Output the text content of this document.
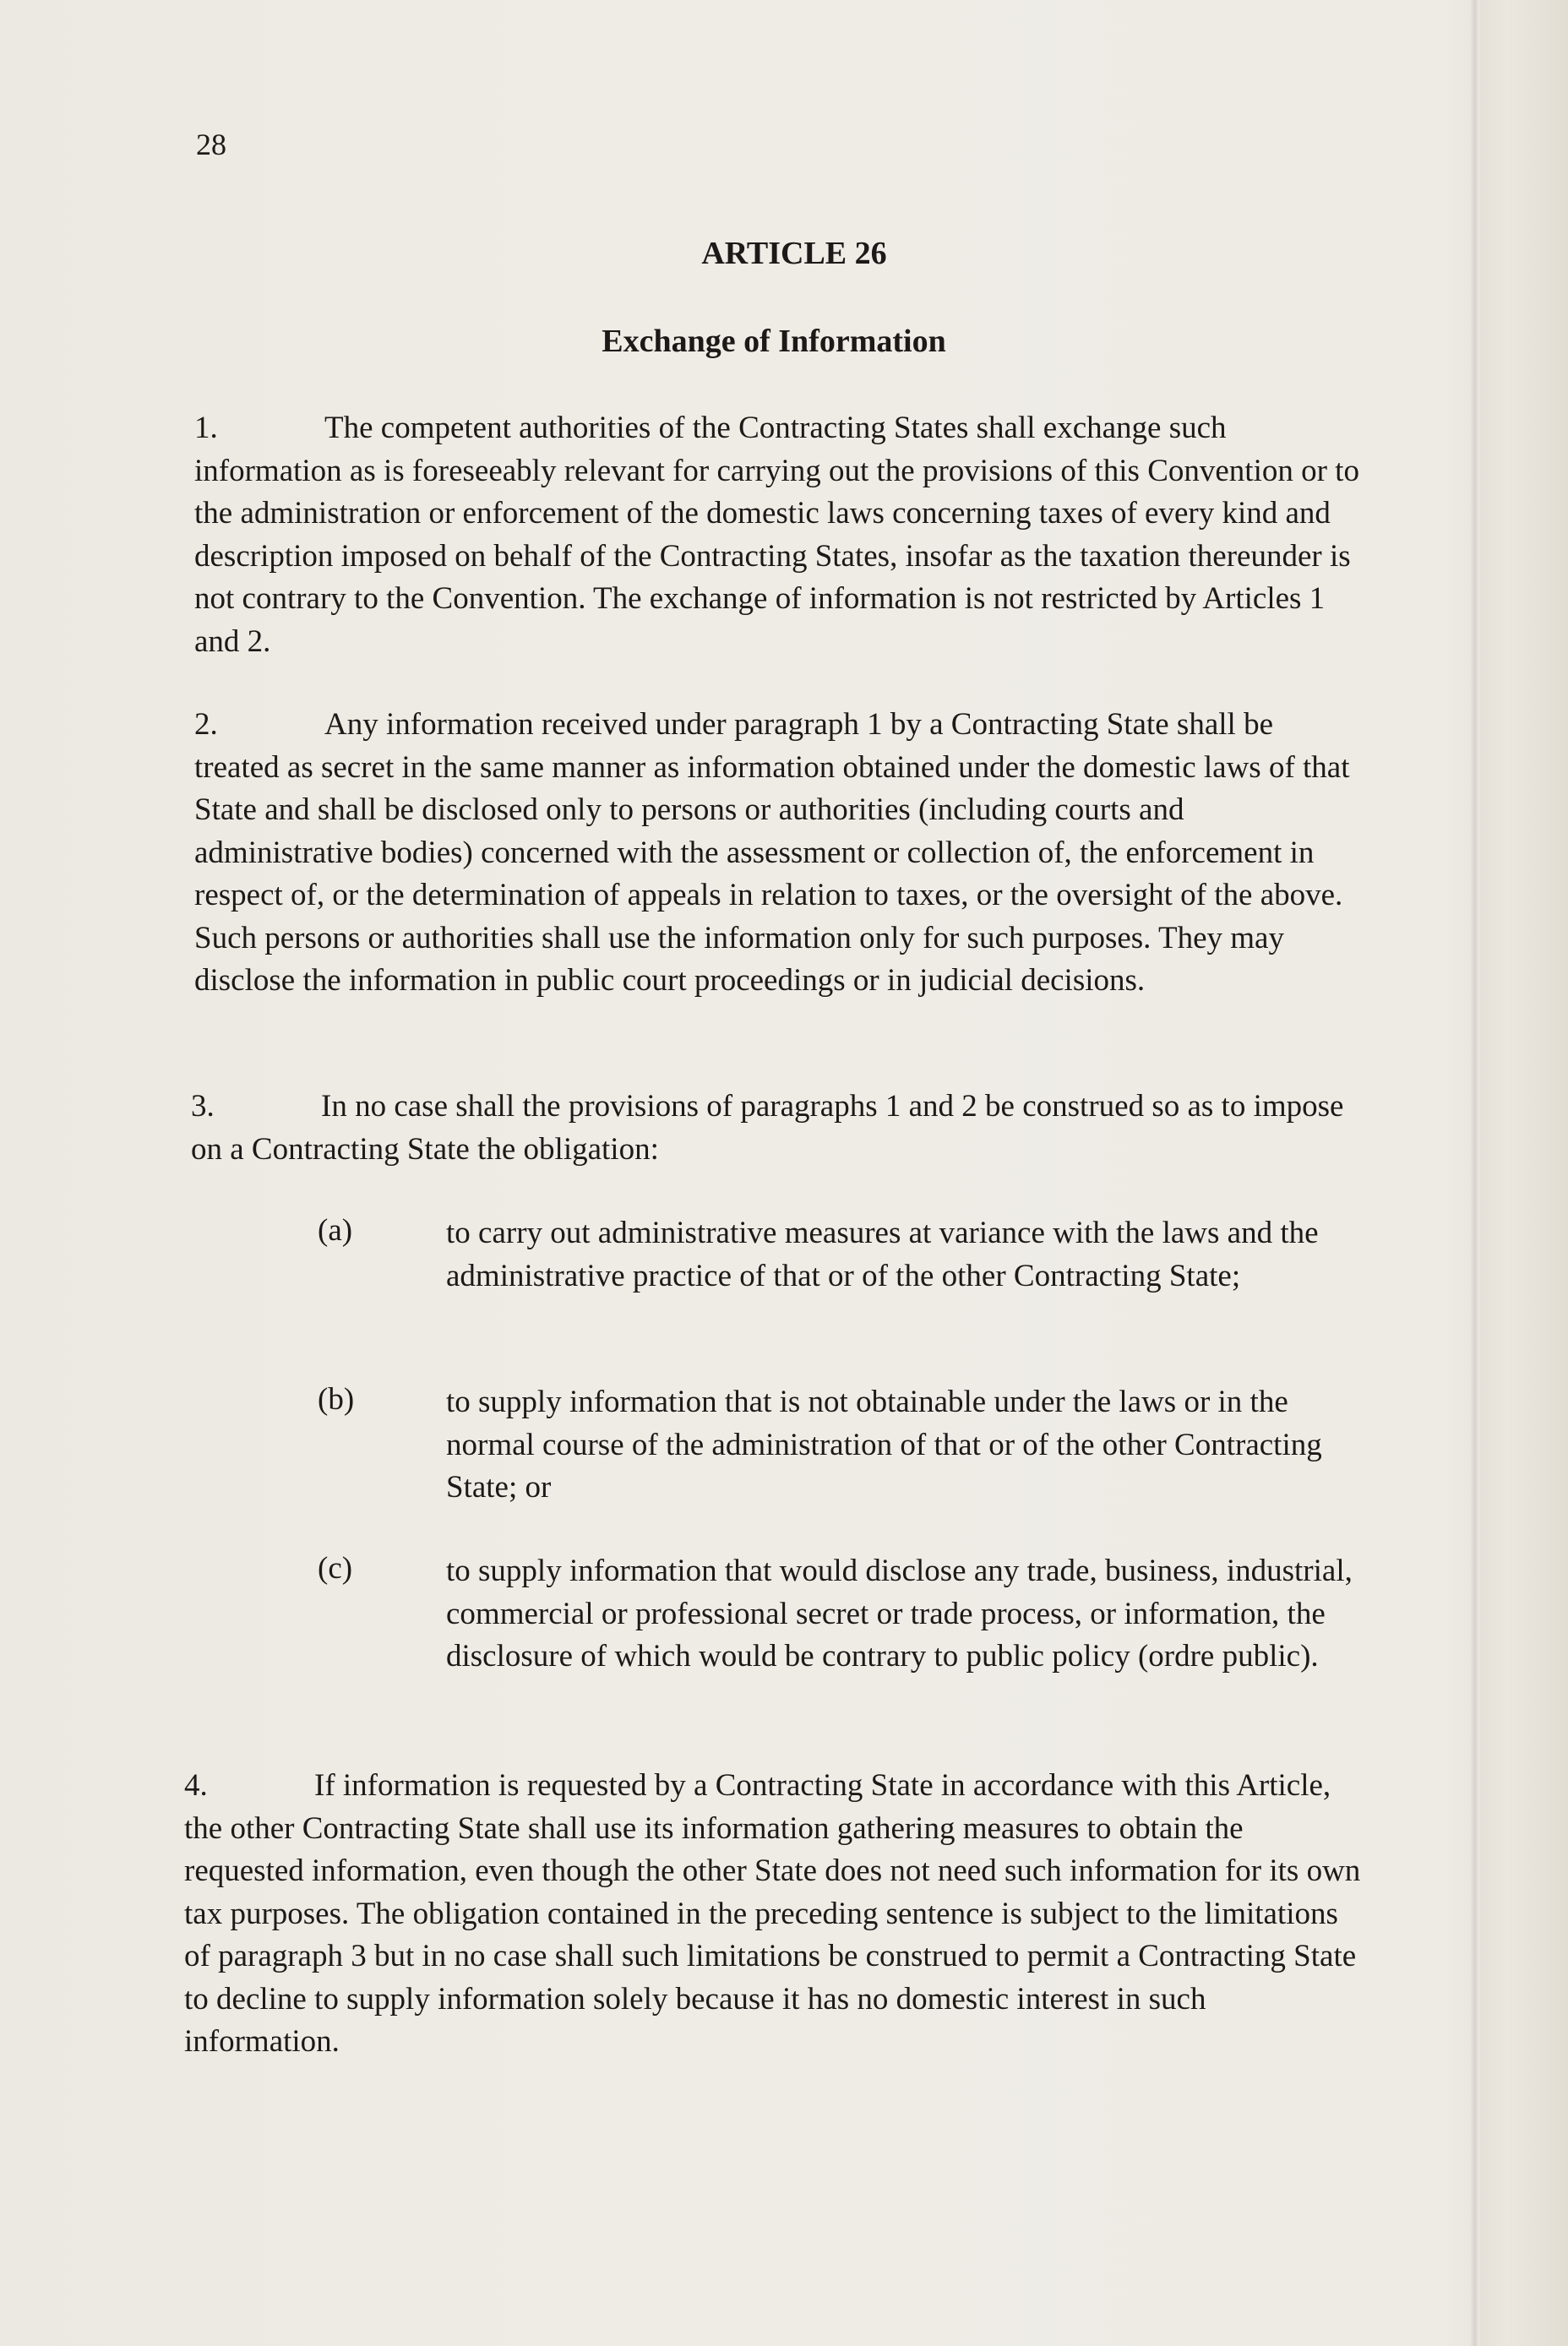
28
ARTICLE 26
Exchange of Information
1.	The competent authorities of the Contracting States shall exchange such information as is foreseeably relevant for carrying out the provisions of this Convention or to the administration or enforcement of the domestic laws concerning taxes of every kind and description imposed on behalf of the Contracting States, insofar as the taxation thereunder is not contrary to the Convention. The exchange of information is not restricted by Articles 1 and 2.
2.	Any information received under paragraph 1 by a Contracting State shall be treated as secret in the same manner as information obtained under the domestic laws of that State and shall be disclosed only to persons or authorities (including courts and administrative bodies) concerned with the assessment or collection of, the enforcement in respect of, or the determination of appeals in relation to taxes, or the oversight of the above. Such persons or authorities shall use the information only for such purposes. They may disclose the information in public court proceedings or in judicial decisions.
3.	In no case shall the provisions of paragraphs 1 and 2 be construed so as to impose on a Contracting State the obligation:
(a)	to carry out administrative measures at variance with the laws and the administrative practice of that or of the other Contracting State;
(b)	to supply information that is not obtainable under the laws or in the normal course of the administration of that or of the other Contracting State; or
(c)	to supply information that would disclose any trade, business, industrial, commercial or professional secret or trade process, or information, the disclosure of which would be contrary to public policy (ordre public).
4.	If information is requested by a Contracting State in accordance with this Article, the other Contracting State shall use its information gathering measures to obtain the requested information, even though the other State does not need such information for its own tax purposes. The obligation contained in the preceding sentence is subject to the limitations of paragraph 3 but in no case shall such limitations be construed to permit a Contracting State to decline to supply information solely because it has no domestic interest in such information.
